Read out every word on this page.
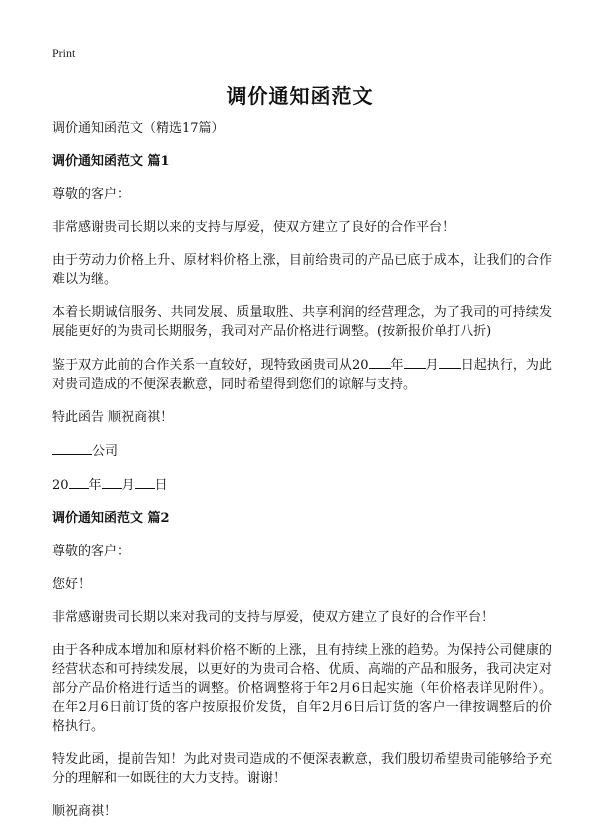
Print
调价通知函范文

调价通知函范文（精选17篇）

调价通知函范文 篇1

尊敬的客户：

非常感谢贵司长期以来的支持与厚爱，使双方建立了良好的合作平台！

由于劳动力价格上升、原材料价格上涨，目前给贵司的产品已底于成本，让我们的合作难以为继。

本着长期诚信服务、共同发展、质量取胜、共享利润的经营理念，为了我司的可持续发展能更好的为贵司长期服务，我司对产品价格进行调整。(按新报价单打八折)

鉴于双方此前的合作关系一直较好，现特致函贵司从20 年 月 日起执行，为此对贵司造成的不便深表歉意，同时希望得到您们的谅解与支持。

特此函告 顺祝商祺！

公司

20 年 月 日

调价通知函范文 篇2

尊敬的客户：

您好！

非常感谢贵司长期以来对我司的支持与厚爱，使双方建立了良好的合作平台！

由于各种成本增加和原材料价格不断的上涨，且有持续上涨的趋势。为保持公司健康的经营状态和可持续发展，以更好的为贵司合格、优质、高端的产品和服务，我司决定对部分产品价格进行适当的调整。价格调整将于年2月6日起实施（年价格表详见附件）。在年2月6日前订货的客户按原报价发货，自年2月6日后订货的客户一律按调整后的价格执行。

特发此函，提前告知！为此对贵司造成的不便深表歉意，我们殷切希望贵司能够给予充分的理解和一如既往的大力支持。谢谢！

顺祝商祺！
